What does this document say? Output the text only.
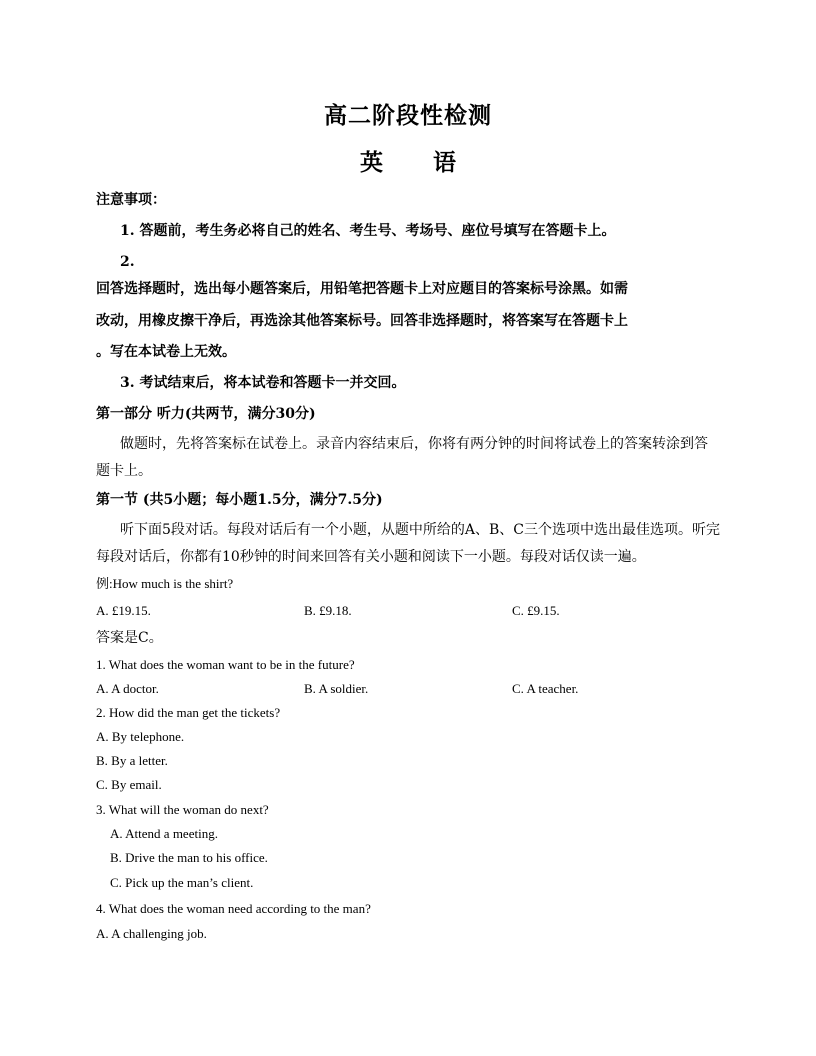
高二阶段性检测
英 语
注意事项：
1. 答题前，考生务必将自己的姓名、考生号、考场号、座位号填写在答题卡上。
2.
回答选择题时，选出每小题答案后，用铅笔把答题卡上对应题目的答案标号涂黑。如需
改动，用橡皮擦干净后，再选涂其他答案标号。回答非选择题时，将答案写在答题卡上
。写在本试卷上无效。
3. 考试结束后，将本试卷和答题卡一并交回。
第一部分 听力(共两节，满分30分)
做题时，先将答案标在试卷上。录音内容结束后，你将有两分钟的时间将试卷上的答案转涂到答
题卡上。
第一节 (共5小题；每小题1.5分，满分7.5分)
听下面5段对话。每段对话后有一个小题，从题中所给的A、B、C三个选项中选出最佳选项。听完
每段对话后，你都有10秒钟的时间来回答有关小题和阅读下一小题。每段对话仅读一遍。
例:How much is the shirt?
A. £19.15.	B. £9.18.	C. £9.15.
答案是C。
1. What does the woman want to be in the future?
A. A doctor.	B. A soldier.	C. A teacher.
2. How did the man get the tickets?
A. By telephone.
B. By a letter.
C. By email.
3. What will the woman do next?
A. Attend a meeting.
B. Drive the man to his office.
C. Pick up the man’s client.
4. What does the woman need according to the man?
A. A challenging job.
